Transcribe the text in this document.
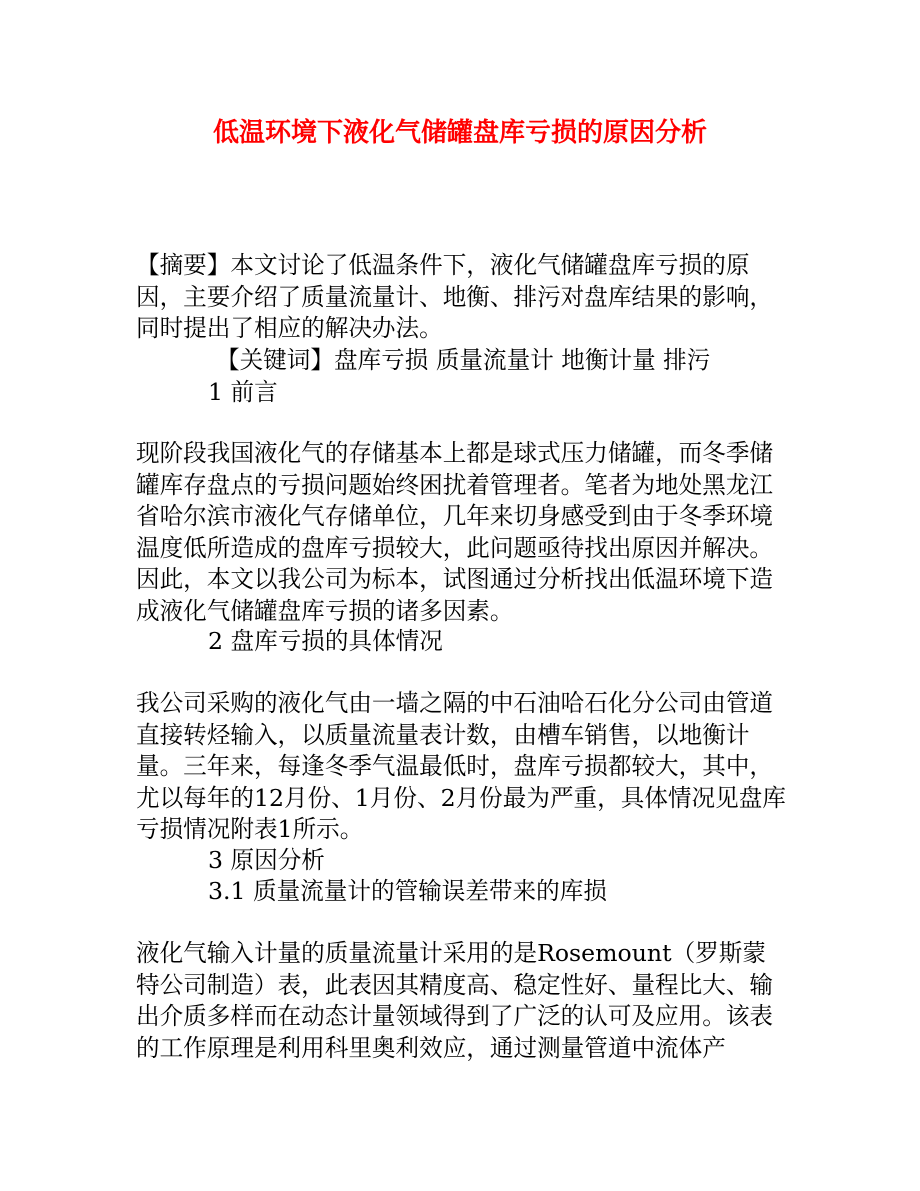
低温环境下液化气储罐盘库亏损的原因分析

【摘要】本文讨论了低温条件下，液化气储罐盘库亏损的原因，主要介绍了质量流量计、地衡、排污对盘库结果的影响，同时提出了相应的解决办法。

【关键词】盘库亏损 质量流量计 地衡计量 排污

1 前言

现阶段我国液化气的存储基本上都是球式压力储罐，而冬季储罐库存盘点的亏损问题始终困扰着管理者。笔者为地处黑龙江省哈尔滨市液化气存储单位，几年来切身感受到由于冬季环境温度低所造成的盘库亏损较大，此问题亟待找出原因并解决。因此，本文以我公司为标本，试图通过分析找出低温环境下造成液化气储罐盘库亏损的诸多因素。

2 盘库亏损的具体情况

我公司采购的液化气由一墙之隔的中石油哈石化分公司由管道直接转烃输入，以质量流量表计数，由槽车销售，以地衡计量。三年来，每逢冬季气温最低时，盘库亏损都较大，其中，尤以每年的12月份、1月份、2月份最为严重，具体情况见盘库亏损情况附表1所示。

3 原因分析

3.1 质量流量计的管输误差带来的库损

液化气输入计量的质量流量计采用的是Rosemount（罗斯蒙特公司制造）表，此表因其精度高、稳定性好、量程比大、输出介质多样而在动态计量领域得到了广泛的认可及应用。该表的工作原理是利用科里奥利效应，通过测量管道中流体产
